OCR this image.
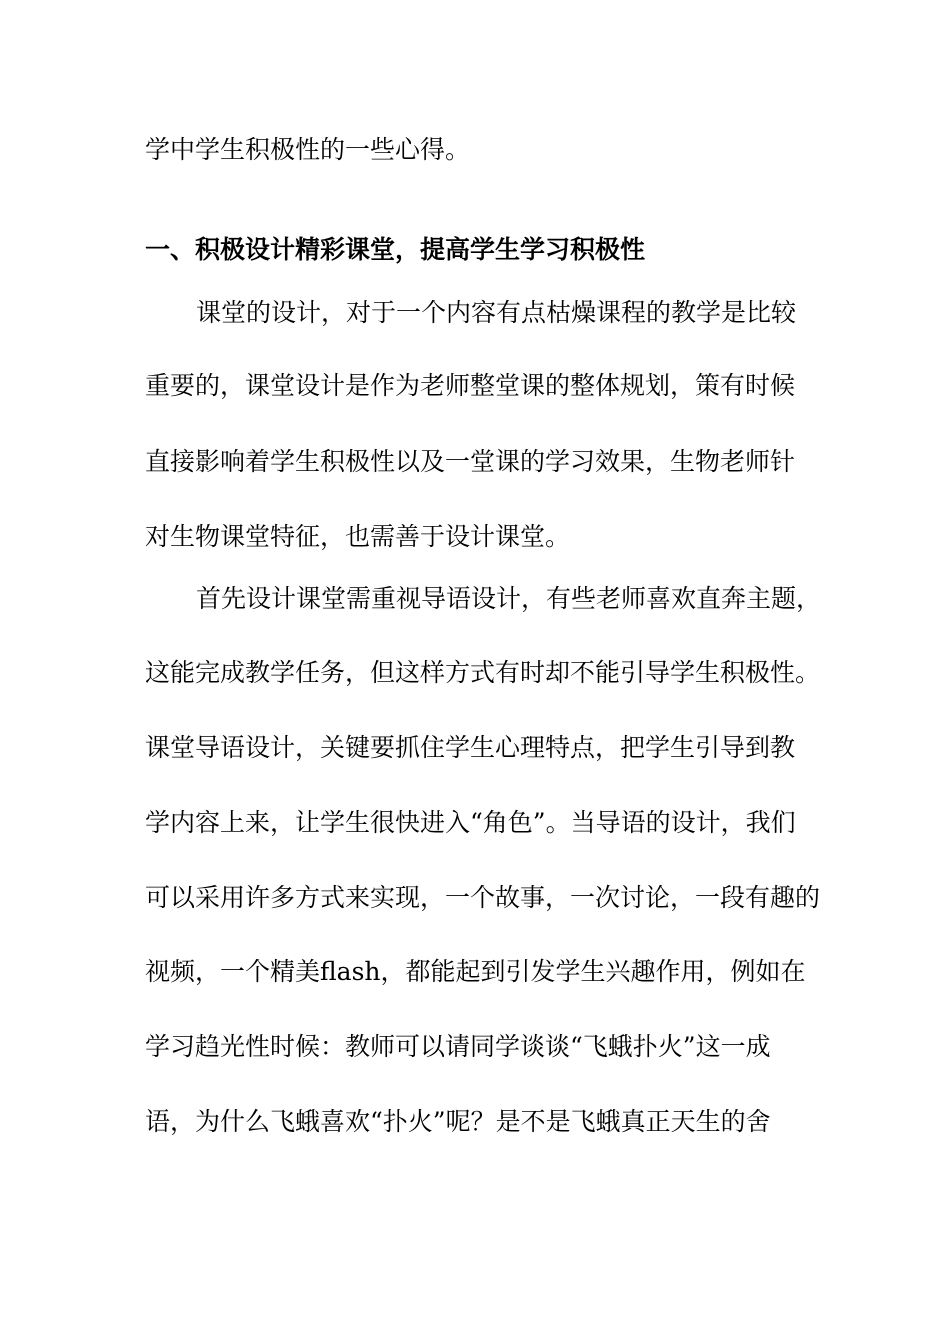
学中学生积极性的一些心得。
一、积极设计精彩课堂，提高学生学习积极性
课堂的设计，对于一个内容有点枯燥课程的教学是比较
重要的，课堂设计是作为老师整堂课的整体规划，策有时候
直接影响着学生积极性以及一堂课的学习效果，生物老师针
对生物课堂特征，也需善于设计课堂。
首先设计课堂需重视导语设计，有些老师喜欢直奔主题，
这能完成教学任务，但这样方式有时却不能引导学生积极性。
课堂导语设计，关键要抓住学生心理特点，把学生引导到教
学内容上来，让学生很快进入“角色”。当导语的设计，我们
可以采用许多方式来实现，一个故事，一次讨论，一段有趣的
视频，一个精美flash，都能起到引发学生兴趣作用，例如在
学习趋光性时候：教师可以请同学谈谈“飞蛾扑火”这一成
语，为什么飞蛾喜欢“扑火”呢？是不是飞蛾真正天生的舍
